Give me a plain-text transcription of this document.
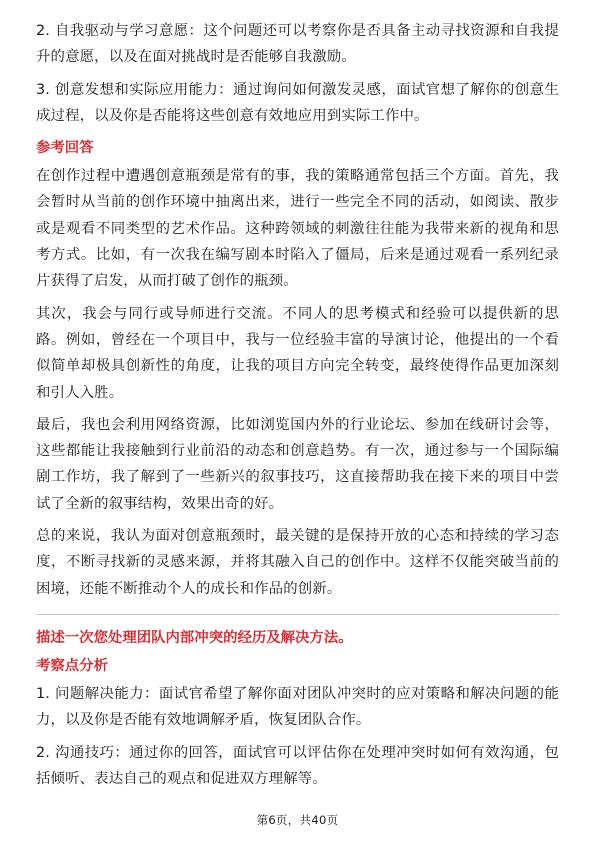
2. 自我驱动与学习意愿：这个问题还可以考察你是否具备主动寻找资源和自我提升的意愿，以及在面对挑战时是否能够自我激励。

3. 创意发想和实际应用能力：通过询问如何激发灵感，面试官想了解你的创意生成过程，以及你是否能将这些创意有效地应用到实际工作中。

参考回答

在创作过程中遭遇创意瓶颈是常有的事，我的策略通常包括三个方面。首先，我会暂时从当前的创作环境中抽离出来，进行一些完全不同的活动，如阅读、散步或是观看不同类型的艺术作品。这种跨领域的刺激往往能为我带来新的视角和思考方式。比如，有一次我在编写剧本时陷入了僵局，后来是通过观看一系列纪录片获得了启发，从而打破了创作的瓶颈。

其次，我会与同行或导师进行交流。不同人的思考模式和经验可以提供新的思路。例如，曾经在一个项目中，我与一位经验丰富的导演讨论，他提出的一个看似简单却极具创新性的角度，让我的项目方向完全转变，最终使得作品更加深刻和引人入胜。

最后，我也会利用网络资源，比如浏览国内外的行业论坛、参加在线研讨会等，这些都能让我接触到行业前沿的动态和创意趋势。有一次，通过参与一个国际编剧工作坊，我了解到了一些新兴的叙事技巧，这直接帮助我在接下来的项目中尝试了全新的叙事结构，效果出奇的好。

总的来说，我认为面对创意瓶颈时，最关键的是保持开放的心态和持续的学习态度，不断寻找新的灵感来源，并将其融入自己的创作中。这样不仅能突破当前的困境，还能不断推动个人的成长和作品的创新。

描述一次您处理团队内部冲突的经历及解决方法。
考察点分析

1. 问题解决能力：面试官希望了解你面对团队冲突时的应对策略和解决问题的能力，以及你是否能有效地调解矛盾，恢复团队合作。

2. 沟通技巧：通过你的回答，面试官可以评估你在处理冲突时如何有效沟通，包括倾听、表达自己的观点和促进双方理解等。

第6页，共40页
